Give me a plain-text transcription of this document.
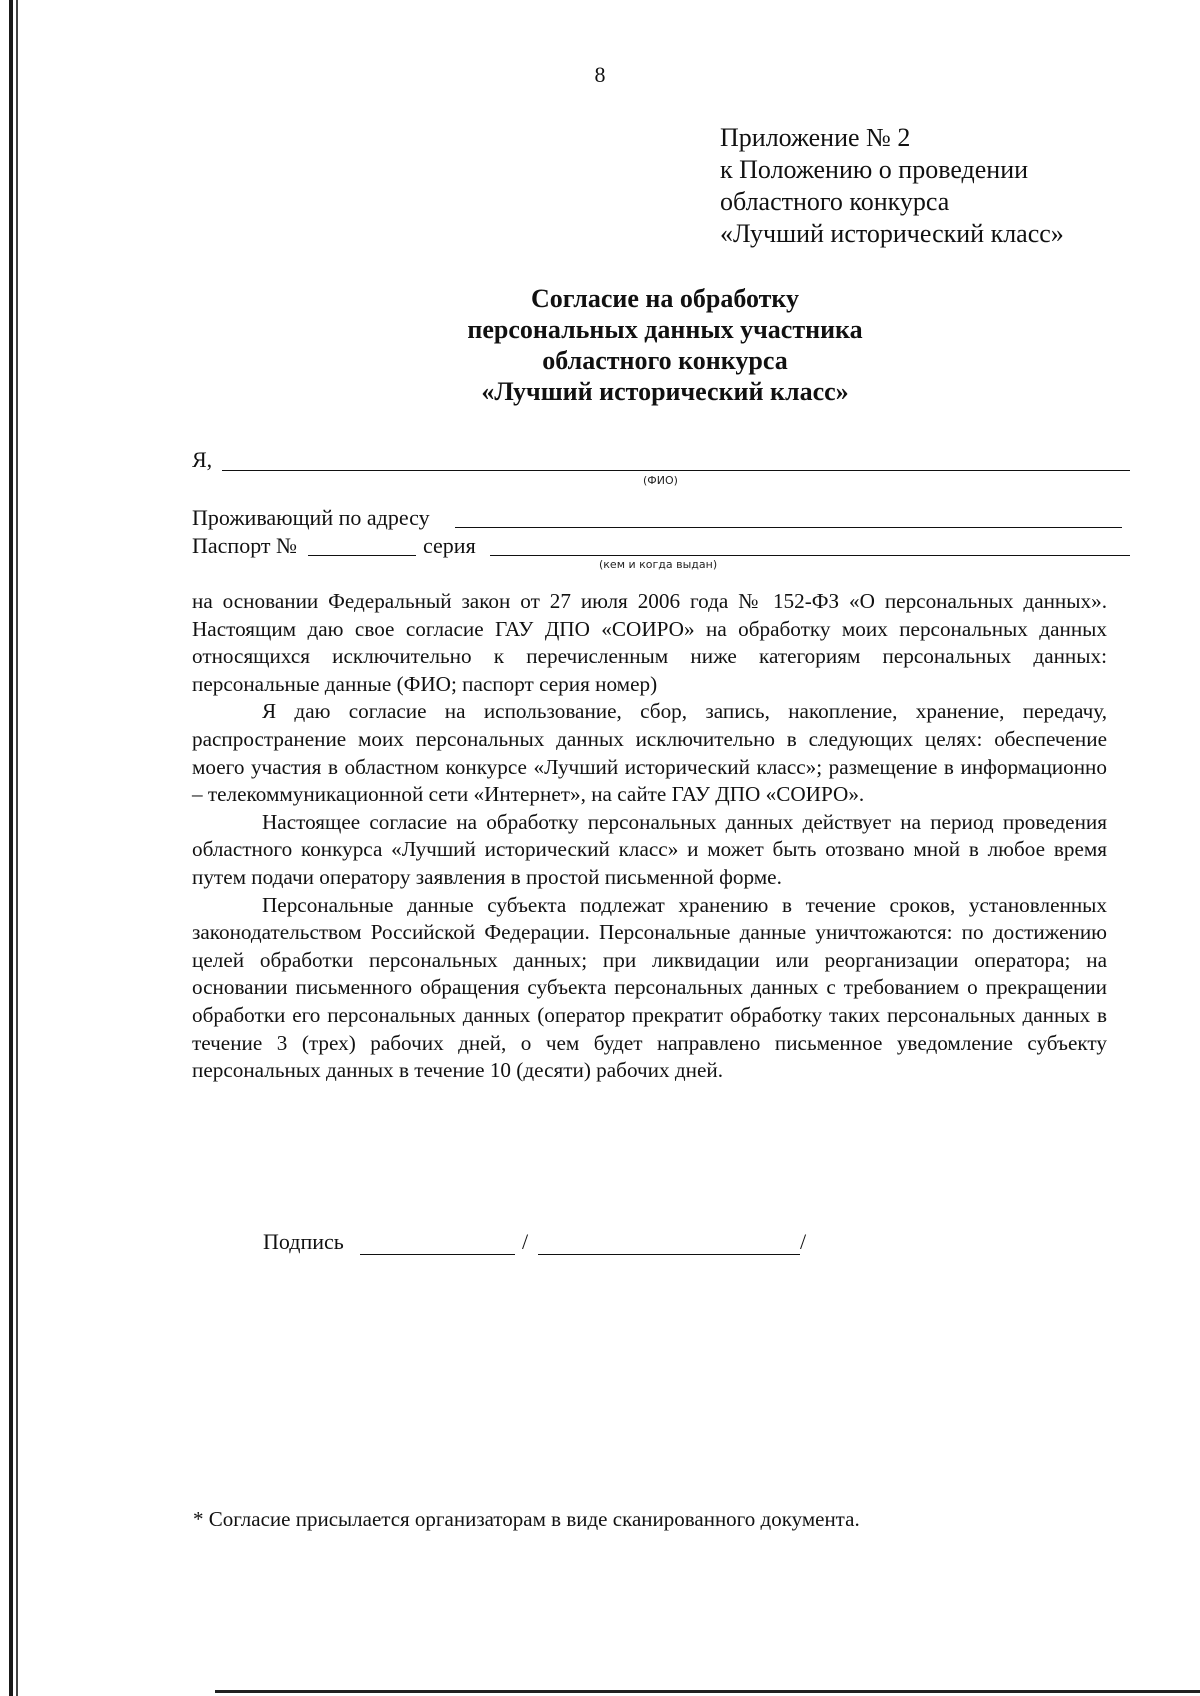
8
Приложение № 2
к Положению о проведении
областного конкурса
«Лучший исторический класс»
Согласие на обработку
персональных данных участника
областного конкурса
«Лучший исторический класс»
Я,
(ФИО)
Проживающий по адресу
Паспорт №	серия
(кем и когда выдан)

на основании Федеральный закон от 27 июля 2006 года № 152-ФЗ «О персональных данных». Настоящим даю свое согласие ГАУ ДПО «СОИРО» на обработку моих персональных данных относящихся исключительно к перечисленным ниже категориям персональных данных: персональные данные (ФИО; паспорт серия номер)

Я даю согласие на использование, сбор, запись, накопление, хранение, передачу, распространение моих персональных данных исключительно в следующих целях: обеспечение моего участия в областном конкурсе «Лучший исторический класс»; размещение в информационно – телекоммуникационной сети «Интернет», на сайте ГАУ ДПО «СОИРО».

Настоящее согласие на обработку персональных данных действует на период проведения областного конкурса «Лучший исторический класс» и может быть отозвано мной в любое время путем подачи оператору заявления в простой письменной форме.

Персональные данные субъекта подлежат хранению в течение сроков, установленных законодательством Российской Федерации. Персональные данные уничтожаются: по достижению целей обработки персональных данных; при ликвидации или реорганизации оператора; на основании письменного обращения субъекта персональных данных с требованием о прекращении обработки его персональных данных (оператор прекратит обработку таких персональных данных в течение 3 (трех) рабочих дней, о чем будет направлено письменное уведомление субъекту персональных данных в течение 10 (десяти) рабочих дней.

Подпись	/	/
* Согласие присылается организаторам в виде сканированного документа.
